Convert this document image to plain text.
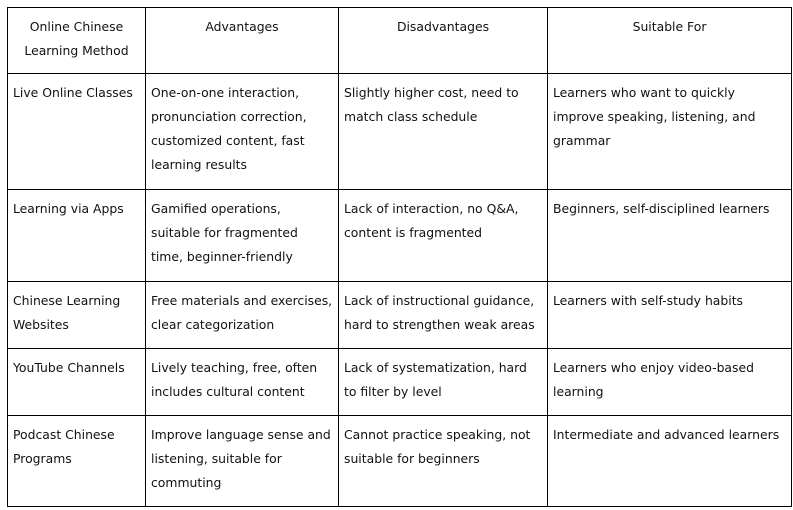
Online Chinese Learning Method	Advantages	Disadvantages	Suitable For
Live Online Classes	One-on-one interaction, pronunciation correction, customized content, fast learning results	Slightly higher cost, need to match class schedule	Learners who want to quickly improve speaking, listening, and grammar
Learning via Apps	Gamified operations, suitable for fragmented time, beginner-friendly	Lack of interaction, no Q&A, content is fragmented	Beginners, self-disciplined learners
Chinese Learning Websites	Free materials and exercises, clear categorization	Lack of instructional guidance, hard to strengthen weak areas	Learners with self-study habits
YouTube Channels	Lively teaching, free, often includes cultural content	Lack of systematization, hard to filter by level	Learners who enjoy video-based learning
Podcast Chinese Programs	Improve language sense and listening, suitable for commuting	Cannot practice speaking, not suitable for beginners	Intermediate and advanced learners
